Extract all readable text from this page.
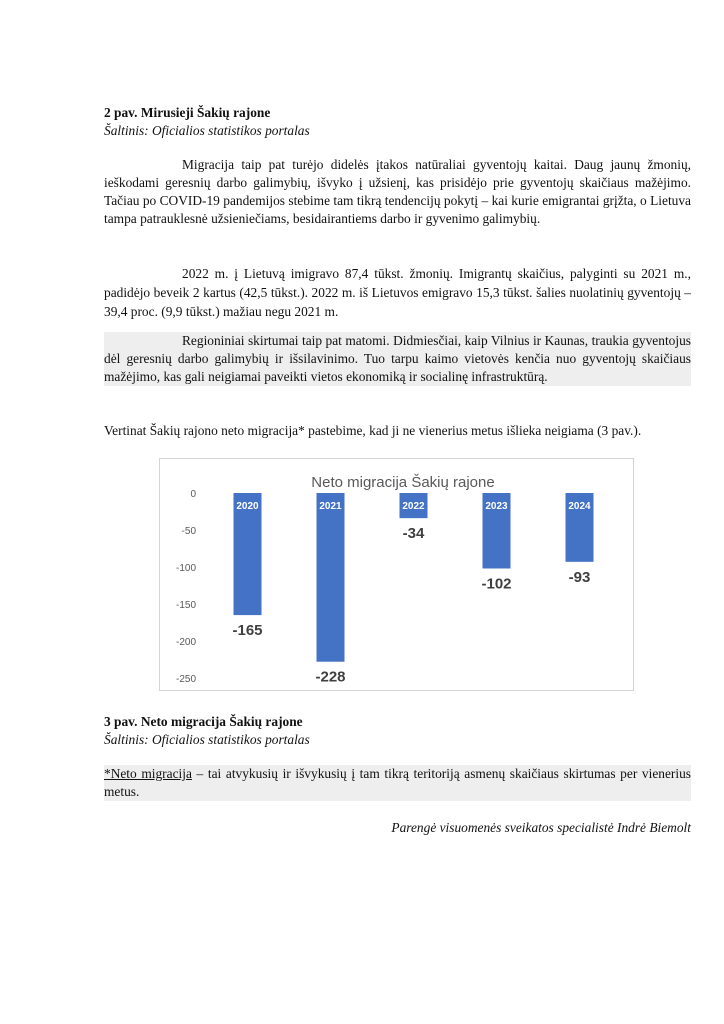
2 pav. Mirusieji Šakių rajone
Šaltinis: Oficialios statistikos portalas
Migracija taip pat turėjo didelės įtakos natūraliai gyventojų kaitai. Daug jaunų žmonių, ieškodami geresnių darbo galimybių, išvyko į užsienį, kas prisidėjo prie gyventojų skaičiaus mažėjimo. Tačiau po COVID-19 pandemijos stebime tam tikrą tendencijų pokytį – kai kurie emigrantai grįžta, o Lietuva tampa patrauklesnė užsieniečiams, besidairantiems darbo ir gyvenimo galimybių.
2022 m. į Lietuvą imigravo 87,4 tūkst. žmonių. Imigrantų skaičius, palyginti su 2021 m., padidėjo beveik 2 kartus (42,5 tūkst.). 2022 m. iš Lietuvos emigravo 15,3 tūkst. šalies nuolatinių gyventojų – 39,4 proc. (9,9 tūkst.) mažiau negu 2021 m.
Regioniniai skirtumai taip pat matomi. Didmiesčiai, kaip Vilnius ir Kaunas, traukia gyventojus dėl geresnių darbo galimybių ir išsilavinimo. Tuo tarpu kaimo vietovės kenčia nuo gyventojų skaičiaus mažėjimo, kas gali neigiamai paveikti vietos ekonomiką ir socialinę infrastruktūrą.
Vertinat Šakių rajono neto migracija* pastebime, kad ji ne vienerius metus išlieka neigiama (3 pav.).
Neto migracija Šakių rajone
0
-50
-100
-150
-200
-250
2020
-165
2021
-228
2022
-34
2023
-102
2024
-93
3 pav. Neto migracija Šakių rajone
Šaltinis: Oficialios statistikos portalas
*Neto migracija – tai atvykusių ir išvykusių į tam tikrą teritoriją asmenų skaičiaus skirtumas per vienerius metus.
Parengė visuomenės sveikatos specialistė Indrė Biemolt
